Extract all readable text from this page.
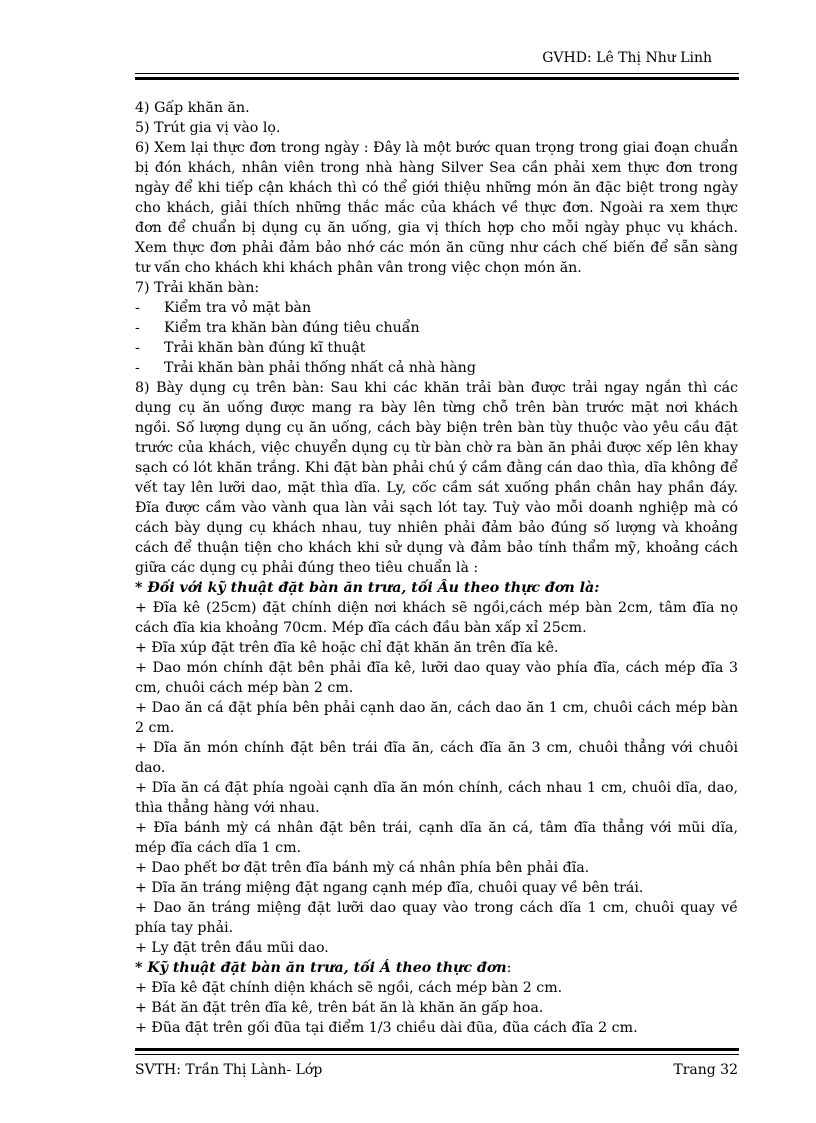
GVHD: Lê Thị Như Linh

4) Gấp khăn ăn.

5) Trút gia vị vào lọ.

6) Xem lại thực đơn trong ngày : Đây là một bước quan trọng trong giai đoạn chuẩn bị đón khách, nhân viên trong nhà hàng Silver Sea cần phải xem thực đơn trong ngày để khi tiếp cận khách thì có thể giới thiệu những món ăn đặc biệt trong ngày cho khách, giải thích những thắc mắc của khách về thực đơn. Ngoài ra xem thực đơn để chuẩn bị dụng cụ ăn uống, gia vị thích hợp cho mỗi ngày phục vụ khách. Xem thực đơn phải đảm bảo nhớ các món ăn cũng như cách chế biến để sẵn sàng tư vấn cho khách khi khách phân vân trong việc chọn món ăn.

7) Trải khăn bàn:

-	Kiểm tra vỏ mặt bàn
-	Kiểm tra khăn bàn đúng tiêu chuẩn
-	Trải khăn bàn đúng kĩ thuật
-	Trải khăn bàn phải thống nhất cả nhà hàng

8) Bày dụng cụ trên bàn: Sau khi các khăn trải bàn được trải ngay ngắn thì các dụng cụ ăn uống được mang ra bày lên từng chỗ trên bàn trước mặt nơi khách ngồi. Số lượng dụng cụ ăn uống, cách bày biện trên bàn tùy thuộc vào yêu cầu đặt trước của khách, việc chuyển dụng cụ từ bàn chờ ra bàn ăn phải được xếp lên khay sạch có lót khăn trắng. Khi đặt bàn phải chú ý cầm đằng cán dao thìa, dĩa không để vết tay lên lưỡi dao, mặt thìa dĩa. Ly, cốc cầm sát xuống phần chân hay phần đáy. Đĩa được cầm vào vành qua làn vải sạch lót tay. Tuỳ vào mỗi doanh nghiệp mà có cách bày dụng cụ khách nhau, tuy nhiên phải đảm bảo đúng số lượng và khoảng cách để thuận tiện cho khách khi sử dụng và đảm bảo tính thẩm mỹ, khoảng cách giữa các dụng cụ phải đúng theo tiêu chuẩn là :

* Đối với kỹ thuật đặt bàn ăn trưa, tối Âu theo thực đơn là:

+ Đĩa kê (25cm) đặt chính diện nơi khách sẽ ngồi,cách mép bàn 2cm, tâm đĩa nọ cách đĩa kia khoảng 70cm. Mép đĩa cách đầu bàn xấp xỉ 25cm.

+ Đĩa xúp đặt trên đĩa kê hoặc chỉ đặt khăn ăn trên đĩa kê.

+ Dao món chính đặt bên phải đĩa kê, lưỡi dao quay vào phía đĩa, cách mép đĩa 3 cm, chuôi cách mép bàn 2 cm.

+ Dao ăn cá đặt phía bên phải cạnh dao ăn, cách dao ăn 1 cm, chuôi cách mép bàn 2 cm.

+ Dĩa ăn món chính đặt bên trái đĩa ăn, cách đĩa ăn 3 cm, chuôi thẳng với chuôi dao.

+ Dĩa ăn cá đặt phía ngoài cạnh dĩa ăn món chính, cách nhau 1 cm, chuôi dĩa, dao, thìa thẳng hàng với nhau.

+ Đĩa bánh mỳ cá nhân đặt bên trái, cạnh dĩa ăn cá, tâm đĩa thẳng với mũi dĩa, mép đĩa cách dĩa 1 cm.

+ Dao phết bơ đặt trên đĩa bánh mỳ cá nhân phía bên phải đĩa.

+ Dĩa ăn tráng miệng đặt ngang cạnh mép đĩa, chuôi quay về bên trái.

+ Dao ăn tráng miệng đặt lưỡi dao quay vào trong cách dĩa 1 cm, chuôi quay về phía tay phải.

+ Ly đặt trên đầu mũi dao.

* Kỹ thuật đặt bàn ăn trưa, tối Á theo thực đơn:

+ Đĩa kê đặt chính diện khách sẽ ngồi, cách mép bàn 2 cm.

+ Bát ăn đặt trên đĩa kê, trên bát ăn là khăn ăn gấp hoa.

+ Đũa đặt trên gối đũa tại điểm 1/3 chiều dài đũa, đũa cách đĩa 2 cm.

SVTH: Trần Thị Lành- Lớp	Trang 32
